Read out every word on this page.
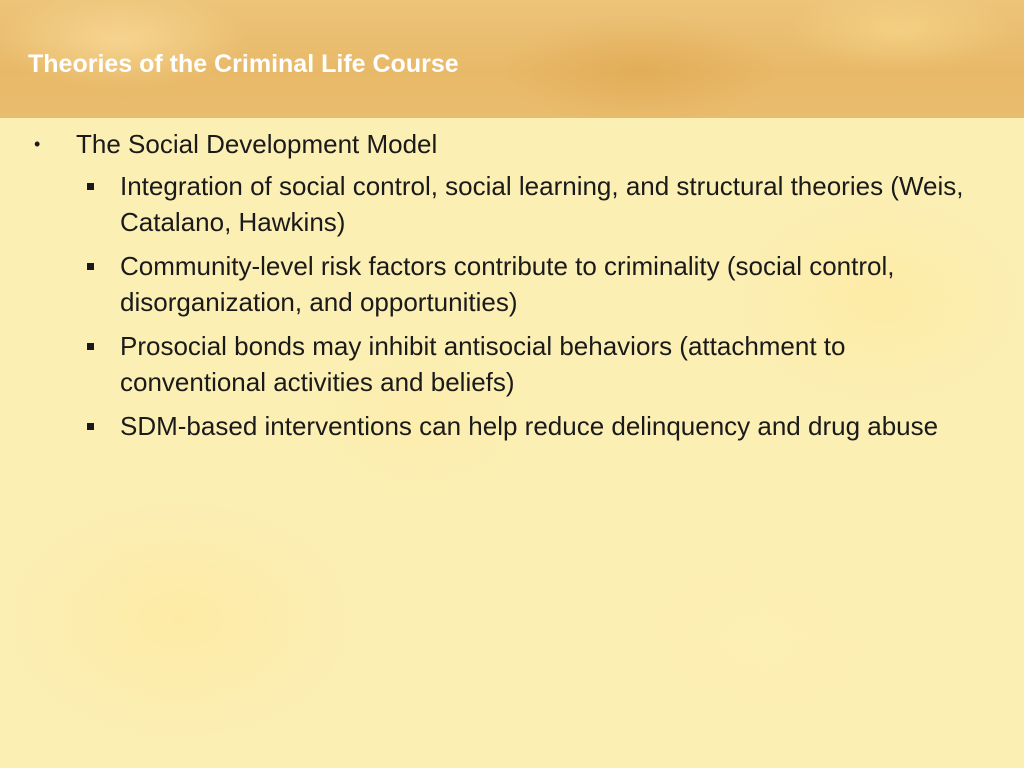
Theories of the Criminal Life Course
• The Social Development Model
Integration of social control, social learning, and structural theories (Weis, Catalano, Hawkins)
Community-level risk factors contribute to criminality (social control, disorganization, and opportunities)
Prosocial bonds may inhibit antisocial behaviors (attachment to conventional activities and beliefs)
SDM-based interventions can help reduce delinquency and drug abuse
